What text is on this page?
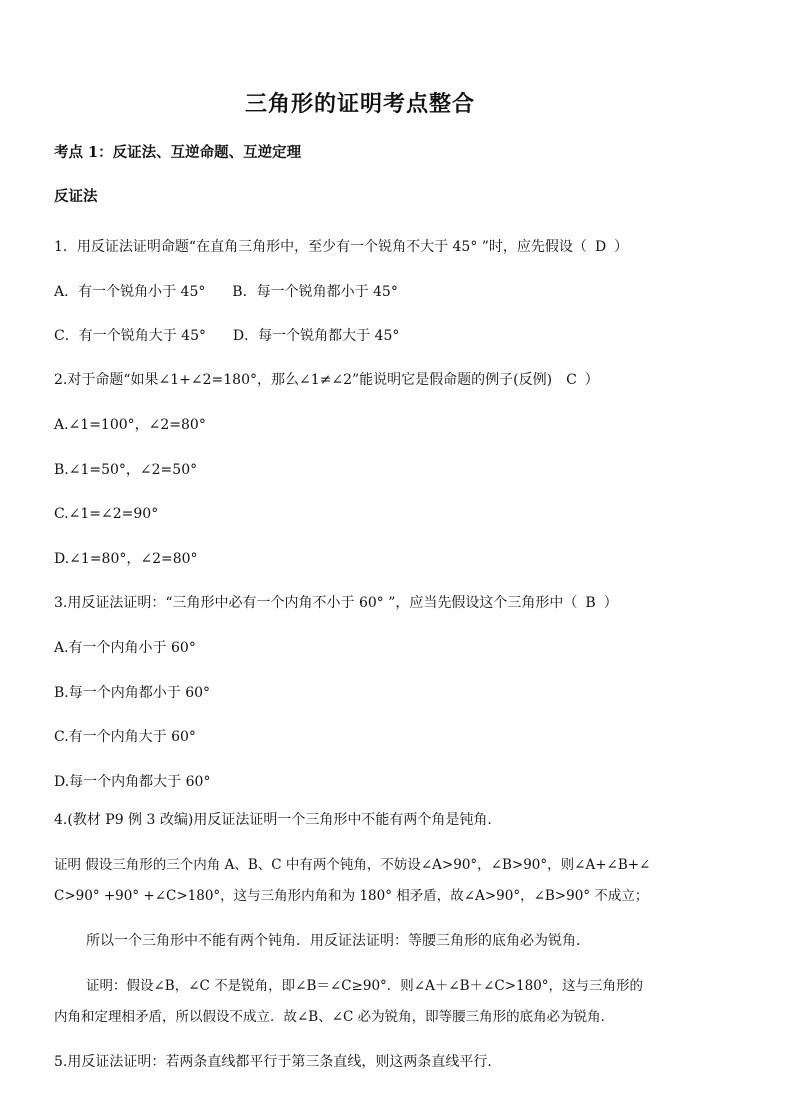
三角形的证明考点整合
考点 1：反证法、互逆命题、互逆定理
反证法
1．用反证法证明命题“在直角三角形中，至少有一个锐角不大于 45° ”时，应先假设（ D ）
A．有一个锐角小于 45° B．每一个锐角都小于 45°
C．有一个锐角大于 45° D．每一个锐角都大于 45°
2.对于命题“如果∠1+∠2=180°，那么∠1≠∠2”能说明它是假命题的例子(反例) C ）
A.∠1=100°，∠2=80°
B.∠1=50°，∠2=50°
C.∠1=∠2=90°
D.∠1=80°，∠2=80°
3.用反证法证明：“三角形中必有一个内角不小于 60° ”，应当先假设这个三角形中（ B ）
A.有一个内角小于 60°
B.每一个内角都小于 60°
C.有一个内角大于 60°
D.每一个内角都大于 60°
4.(教材 P9 例 3 改编)用反证法证明一个三角形中不能有两个角是钝角.
证明 假设三角形的三个内角 A、B、C 中有两个钝角，不妨设∠A>90°，∠B>90°，则∠A+∠B+∠
C>90° +90° +∠C>180°，这与三角形内角和为 180° 相矛盾，故∠A>90°，∠B>90° 不成立；
所以一个三角形中不能有两个钝角．用反证法证明：等腰三角形的底角必为锐角．
证明：假设∠B，∠C 不是锐角，即∠B＝∠C≥90°．则∠A＋∠B＋∠C>180°，这与三角形的
内角和定理相矛盾，所以假设不成立．故∠B、∠C 必为锐角，即等腰三角形的底角必为锐角．
5.用反证法证明：若两条直线都平行于第三条直线，则这两条直线平行.
